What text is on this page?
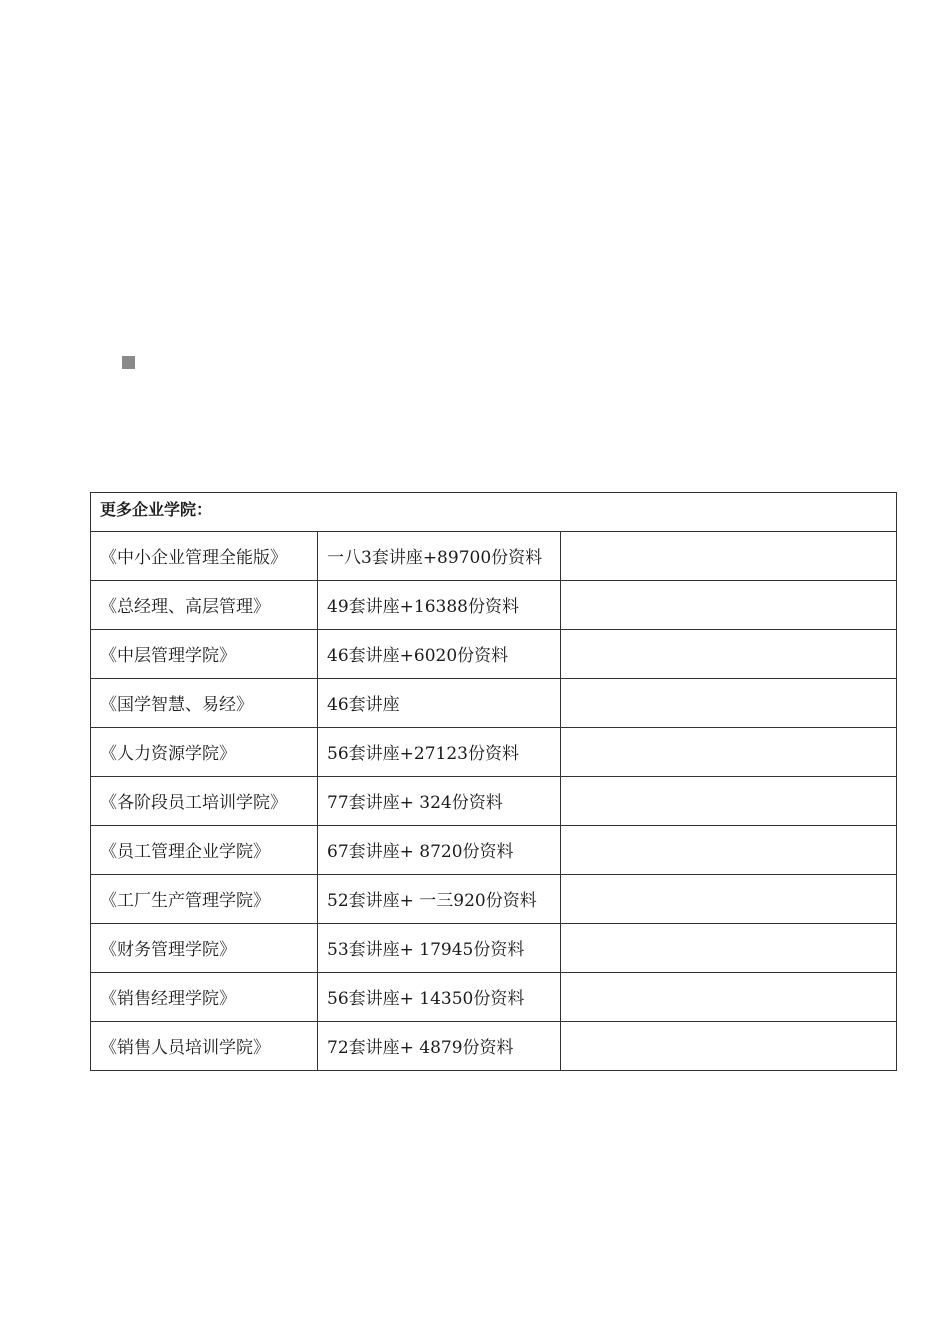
更多企业学院：		
《中小企业管理全能版》	一八3套讲座+89700份资料	
《总经理、高层管理》	49套讲座+16388份资料	
《中层管理学院》	46套讲座+6020份资料	
《国学智慧、易经》	46套讲座	
《人力资源学院》	56套讲座+27123份资料	
《各阶段员工培训学院》	77套讲座+ 324份资料	
《员工管理企业学院》	67套讲座+ 8720份资料	
《工厂生产管理学院》	52套讲座+ 一三920份资料	
《财务管理学院》	53套讲座+ 17945份资料	
《销售经理学院》	56套讲座+ 14350份资料	
《销售人员培训学院》	72套讲座+ 4879份资料	
